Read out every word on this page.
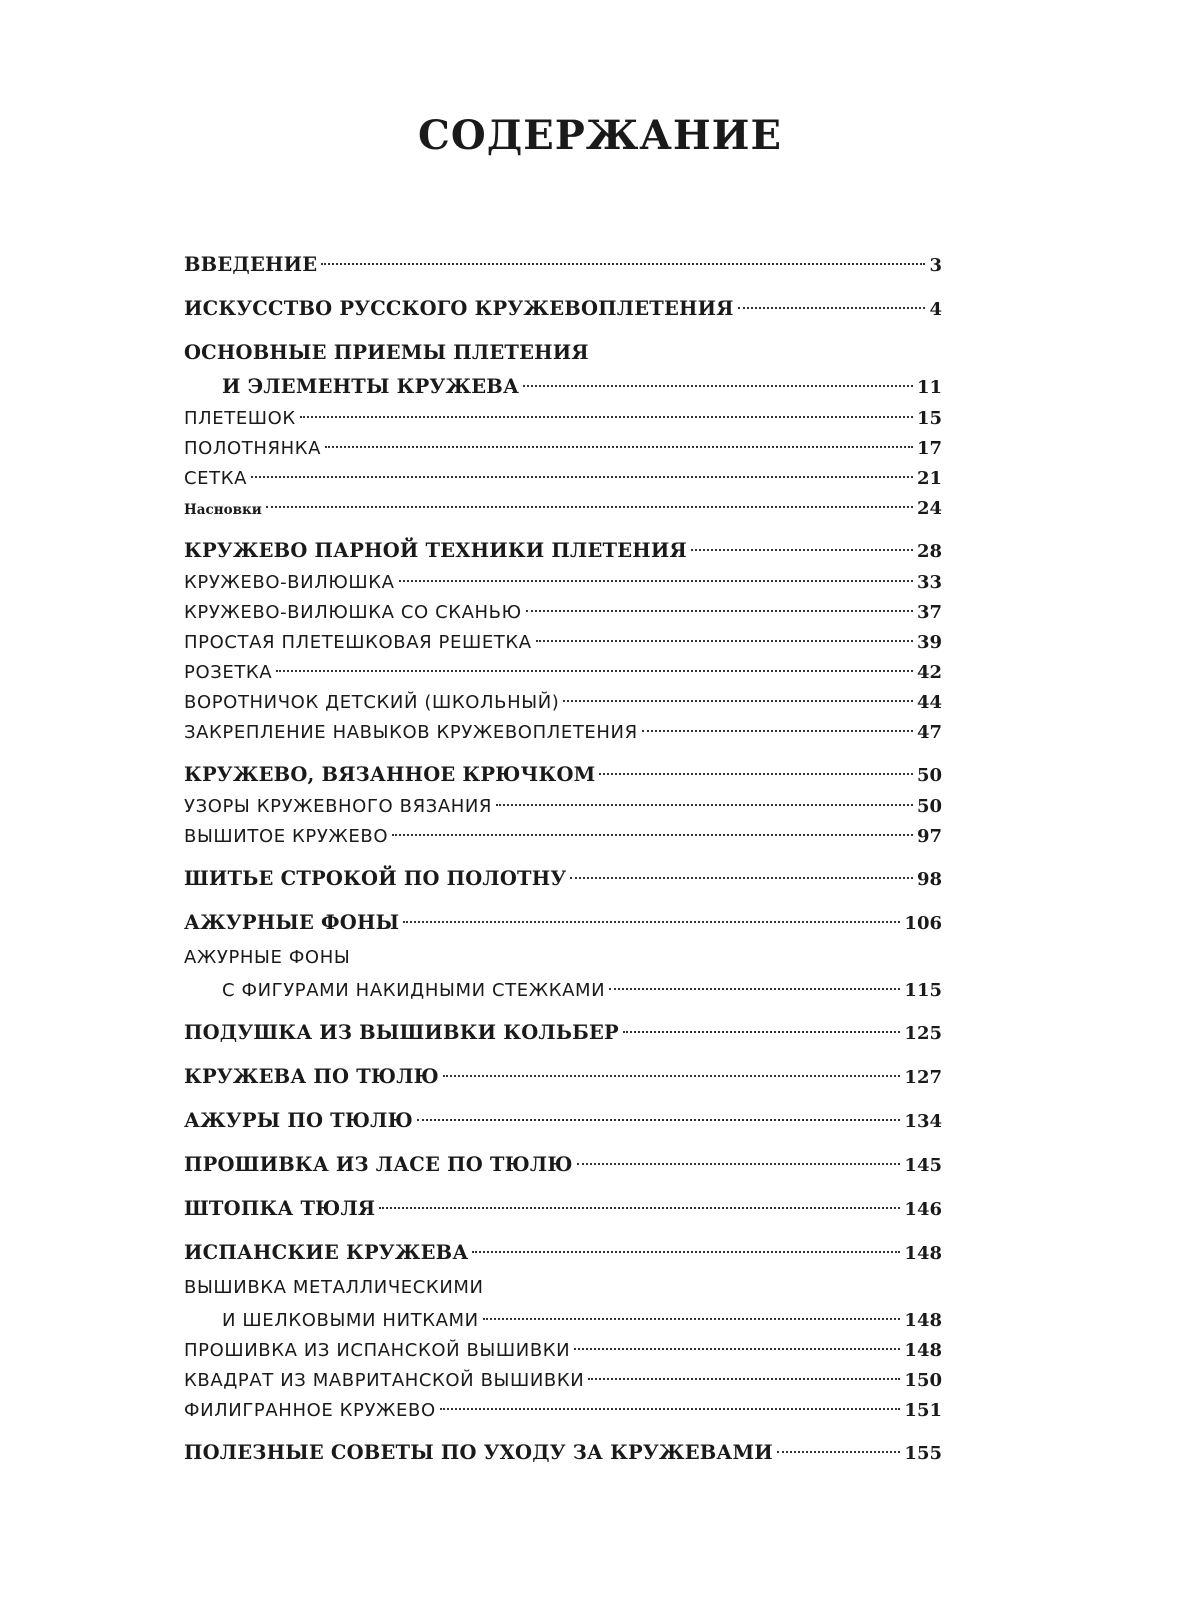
СОДЕРЖАНИЕ
ВВЕДЕНИЕ	3
ИСКУССТВО РУССКОГО КРУЖЕВОПЛЕТЕНИЯ	4
ОСНОВНЫЕ ПРИЕМЫ ПЛЕТЕНИЯ
И ЭЛЕМЕНТЫ КРУЖЕВА	11
ПЛЕТЕШОК	15
ПОЛОТНЯНКА	17
СЕТКА	21
Насновки	24
КРУЖЕВО ПАРНОЙ ТЕХНИКИ ПЛЕТЕНИЯ	28
КРУЖЕВО-ВИЛЮШКА	33
КРУЖЕВО-ВИЛЮШКА СО СКАНЬЮ	37
ПРОСТАЯ ПЛЕТЕШКОВАЯ РЕШЕТКА	39
РОЗЕТКА	42
ВОРОТНИЧОК ДЕТСКИЙ (ШКОЛЬНЫЙ)	44
ЗАКРЕПЛЕНИЕ НАВЫКОВ КРУЖЕВОПЛЕТЕНИЯ	47
КРУЖЕВО, ВЯЗАННОЕ КРЮЧКОМ	50
УЗОРЫ КРУЖЕВНОГО ВЯЗАНИЯ	50
ВЫШИТОЕ КРУЖЕВО	97
ШИТЬЕ СТРОКОЙ ПО ПОЛОТНУ	98
АЖУРНЫЕ ФОНЫ	106
АЖУРНЫЕ ФОНЫ
С ФИГУРАМИ НАКИДНЫМИ СТЕЖКАМИ	115
ПОДУШКА ИЗ ВЫШИВКИ КОЛЬБЕР	125
КРУЖЕВА ПО ТЮЛЮ	127
АЖУРЫ ПО ТЮЛЮ	134
ПРОШИВКА ИЗ ЛАСЕ ПО ТЮЛЮ	145
ШТОПКА ТЮЛЯ	146
ИСПАНСКИЕ КРУЖЕВА	148
ВЫШИВКА МЕТАЛЛИЧЕСКИМИ
И ШЕЛКОВЫМИ НИТКАМИ	148
ПРОШИВКА ИЗ ИСПАНСКОЙ ВЫШИВКИ	148
КВАДРАТ ИЗ МАВРИТАНСКОЙ ВЫШИВКИ	150
ФИЛИГРАННОЕ КРУЖЕВО	151
ПОЛЕЗНЫЕ СОВЕТЫ ПО УХОДУ ЗА КРУЖЕВАМИ	155
